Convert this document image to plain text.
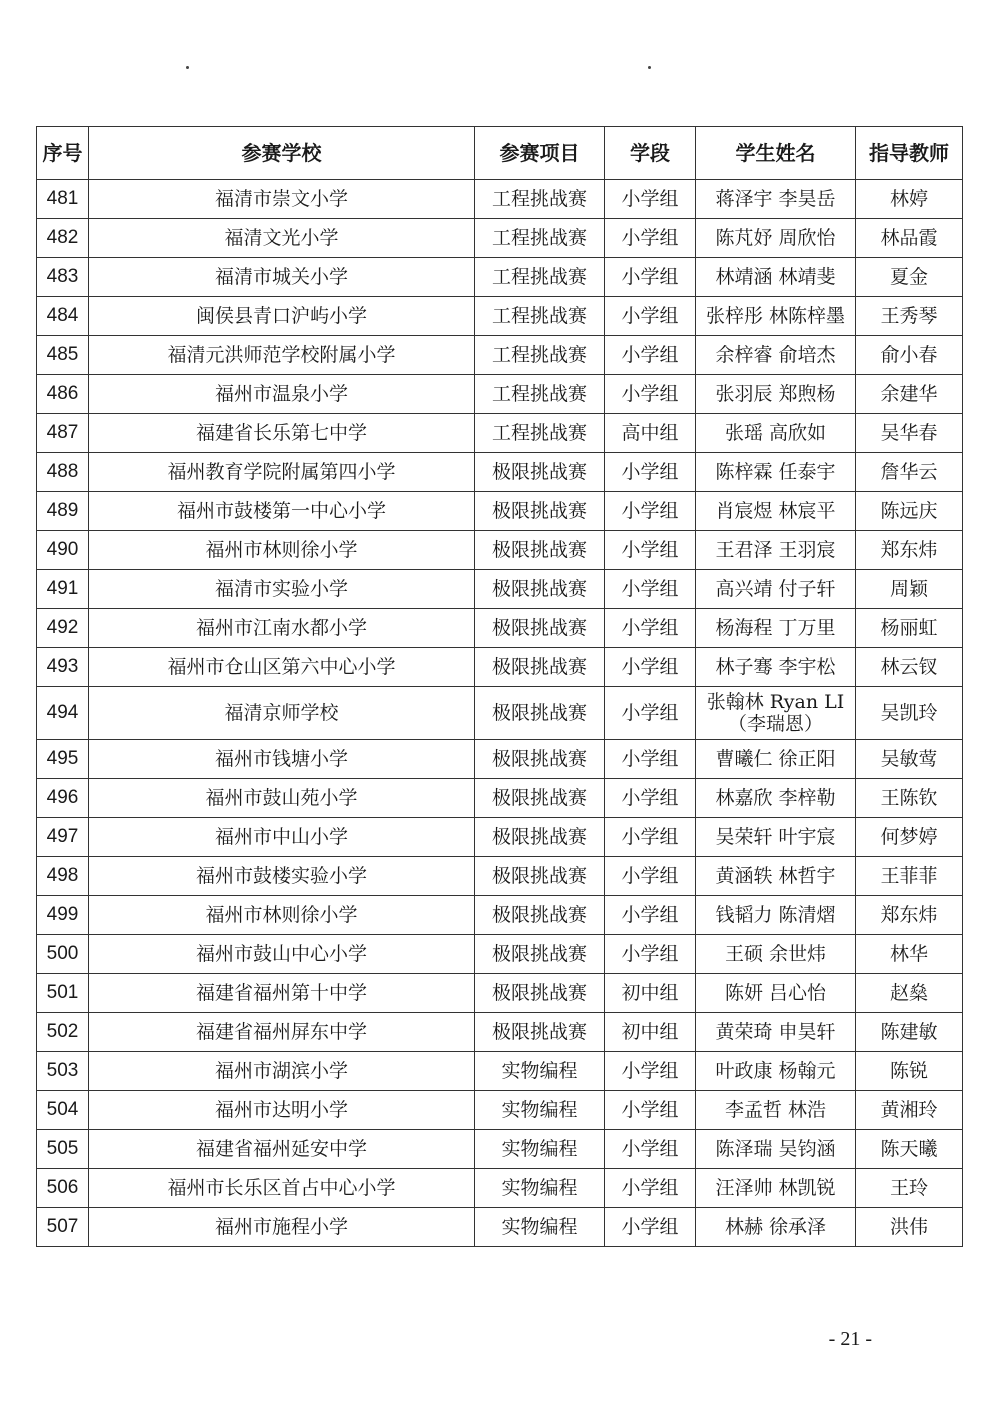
序号	参赛学校	参赛项目	学段	学生姓名	指导教师
481	福清市崇文小学	工程挑战赛	小学组	蒋泽宇 李昊岳	林婷
482	福清文光小学	工程挑战赛	小学组	陈芃妤 周欣怡	林品霞
483	福清市城关小学	工程挑战赛	小学组	林靖涵 林靖斐	夏金
484	闽侯县青口沪屿小学	工程挑战赛	小学组	张梓彤 林陈梓墨	王秀琴
485	福清元洪师范学校附属小学	工程挑战赛	小学组	余梓睿 俞培杰	俞小春
486	福州市温泉小学	工程挑战赛	小学组	张羽辰 郑煦杨	余建华
487	福建省长乐第七中学	工程挑战赛	高中组	张瑶 高欣如	吴华春
488	福州教育学院附属第四小学	极限挑战赛	小学组	陈梓霖 任泰宇	詹华云
489	福州市鼓楼第一中心小学	极限挑战赛	小学组	肖宸煜 林宸平	陈远庆
490	福州市林则徐小学	极限挑战赛	小学组	王君泽 王羽宸	郑东炜
491	福清市实验小学	极限挑战赛	小学组	高兴靖 付子轩	周颖
492	福州市江南水都小学	极限挑战赛	小学组	杨海程 丁万里	杨丽虹
493	福州市仓山区第六中心小学	极限挑战赛	小学组	林子骞 李宇松	林云钗
494	福清京师学校	极限挑战赛	小学组	张翰林 Ryan LI（李瑞恩）	吴凯玲
495	福州市钱塘小学	极限挑战赛	小学组	曹曦仁 徐正阳	吴敏莺
496	福州市鼓山苑小学	极限挑战赛	小学组	林嘉欣 李梓勒	王陈钦
497	福州市中山小学	极限挑战赛	小学组	吴荣轩 叶宇宸	何梦婷
498	福州市鼓楼实验小学	极限挑战赛	小学组	黄涵轶 林哲宇	王菲菲
499	福州市林则徐小学	极限挑战赛	小学组	钱韬力 陈清熠	郑东炜
500	福州市鼓山中心小学	极限挑战赛	小学组	王硕 余世炜	林华
501	福建省福州第十中学	极限挑战赛	初中组	陈妍 吕心怡	赵燊
502	福建省福州屏东中学	极限挑战赛	初中组	黄荣琦 申昊轩	陈建敏
503	福州市湖滨小学	实物编程	小学组	叶政康 杨翰元	陈锐
504	福州市达明小学	实物编程	小学组	李孟哲 林浩	黄湘玲
505	福建省福州延安中学	实物编程	小学组	陈泽瑞 吴钧涵	陈天曦
506	福州市长乐区首占中心小学	实物编程	小学组	汪泽帅 林凯锐	王玲
507	福州市施程小学	实物编程	小学组	林赫 徐承泽	洪伟
- 21 -
